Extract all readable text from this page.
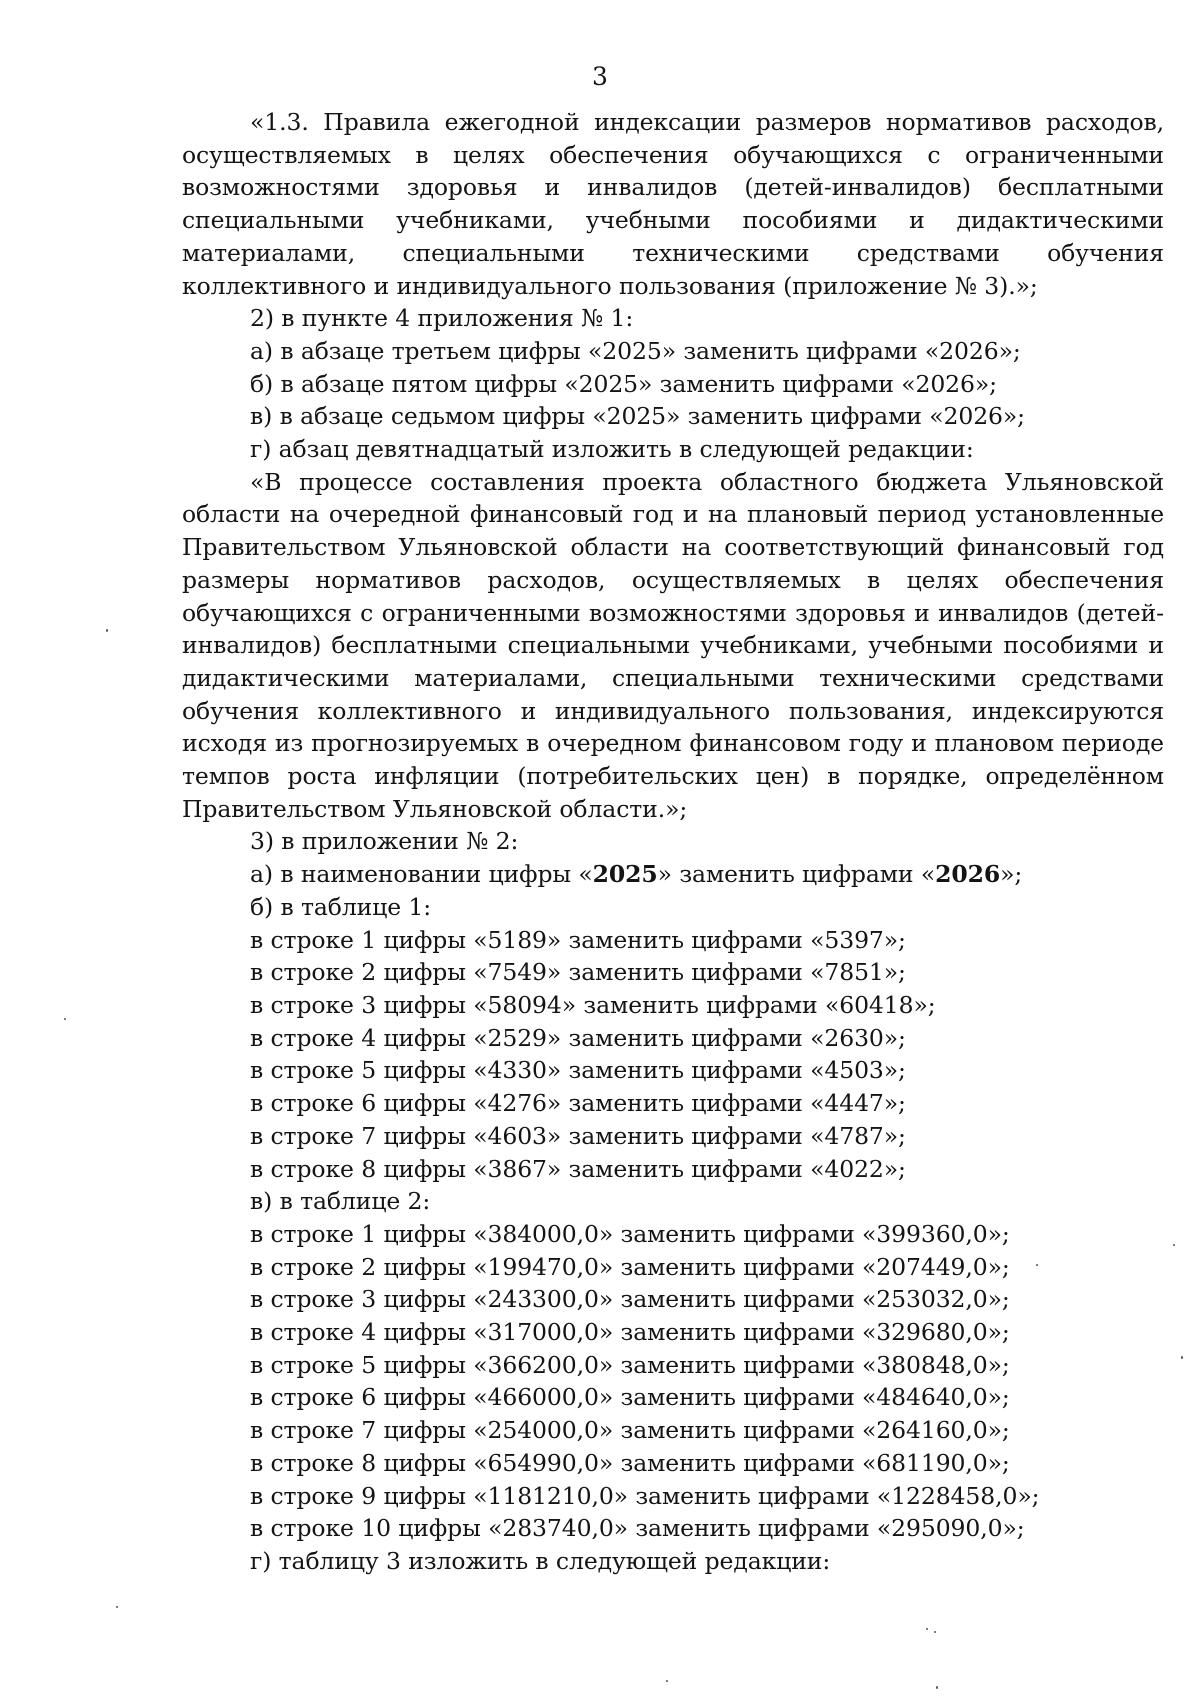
3

«1.3. Правила ежегодной индексации размеров нормативов расходов, осуществляемых в целях обеспечения обучающихся с ограниченными возможностями здоровья и инвалидов (детей-инвалидов) бесплатными специальными учебниками, учебными пособиями и дидактическими материалами, специальными техническими средствами обучения коллективного и индивидуального пользования (приложение № 3).»;

2) в пункте 4 приложения № 1:
а) в абзаце третьем цифры «2025» заменить цифрами «2026»;
б) в абзаце пятом цифры «2025» заменить цифрами «2026»;
в) в абзаце седьмом цифры «2025» заменить цифрами «2026»;
г) абзац девятнадцатый изложить в следующей редакции:

«В процессе составления проекта областного бюджета Ульяновской области на очередной финансовый год и на плановый период установленные Правительством Ульяновской области на соответствующий финансовый год размеры нормативов расходов, осуществляемых в целях обеспечения обучающихся с ограниченными возможностями здоровья и инвалидов (детей-инвалидов) бесплатными специальными учебниками, учебными пособиями и дидактическими материалами, специальными техническими средствами обучения коллективного и индивидуального пользования, индексируются исходя из прогнозируемых в очередном финансовом году и плановом периоде темпов роста инфляции (потребительских цен) в порядке, определённом Правительством Ульяновской области.»;

3) в приложении № 2:
а) в наименовании цифры «2025» заменить цифрами «2026»;
б) в таблице 1:
в строке 1 цифры «5189» заменить цифрами «5397»;
в строке 2 цифры «7549» заменить цифрами «7851»;
в строке 3 цифры «58094» заменить цифрами «60418»;
в строке 4 цифры «2529» заменить цифрами «2630»;
в строке 5 цифры «4330» заменить цифрами «4503»;
в строке 6 цифры «4276» заменить цифрами «4447»;
в строке 7 цифры «4603» заменить цифрами «4787»;
в строке 8 цифры «3867» заменить цифрами «4022»;
в) в таблице 2:
в строке 1 цифры «384000,0» заменить цифрами «399360,0»;
в строке 2 цифры «199470,0» заменить цифрами «207449,0»;
в строке 3 цифры «243300,0» заменить цифрами «253032,0»;
в строке 4 цифры «317000,0» заменить цифрами «329680,0»;
в строке 5 цифры «366200,0» заменить цифрами «380848,0»;
в строке 6 цифры «466000,0» заменить цифрами «484640,0»;
в строке 7 цифры «254000,0» заменить цифрами «264160,0»;
в строке 8 цифры «654990,0» заменить цифрами «681190,0»;
в строке 9 цифры «1181210,0» заменить цифрами «1228458,0»;
в строке 10 цифры «283740,0» заменить цифрами «295090,0»;
г) таблицу 3 изложить в следующей редакции:
